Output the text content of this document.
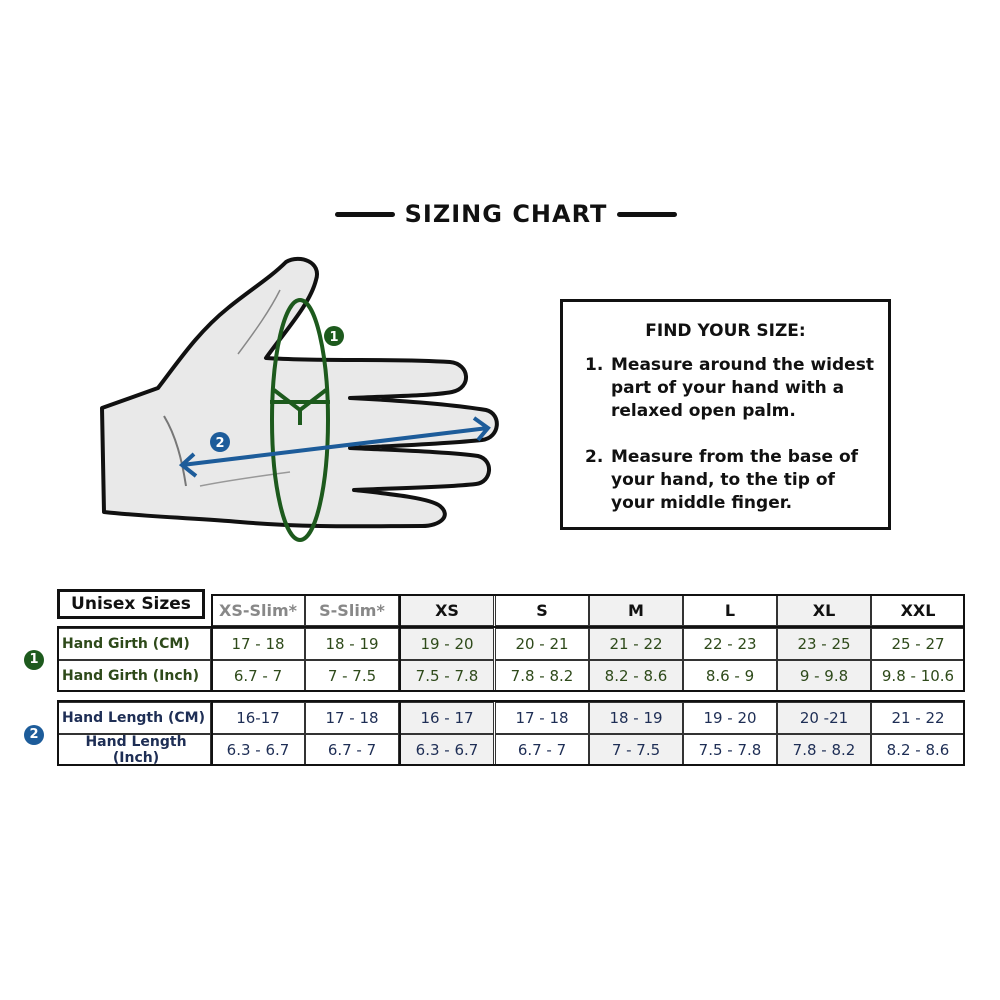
SIZING CHART
1
2
FIND YOUR SIZE:
1. Measure around the widest part of your hand with a relaxed open palm.
2. Measure from the base of your hand, to the tip of your middle finger.
Unisex Sizes
1
2
XS-Slim*	S-Slim*	XS	S	M	L	XL	XXL
Hand Girth (CM)	17 - 18	18 - 19	19 - 20	20 - 21	21 - 22	22 - 23	23 - 25	25 - 27
Hand Girth (Inch)	6.7 - 7	7 - 7.5	7.5 - 7.8	7.8 - 8.2	8.2 - 8.6	8.6 - 9	9 - 9.8	9.8 - 10.6
Hand Length (CM)	16-17	17 - 18	16 - 17	17 - 18	18 - 19	19 - 20	20 -21	21 - 22
Hand Length (Inch)	6.3 - 6.7	6.7 - 7	6.3 - 6.7	6.7 - 7	7 - 7.5	7.5 - 7.8	7.8 - 8.2	8.2 - 8.6
